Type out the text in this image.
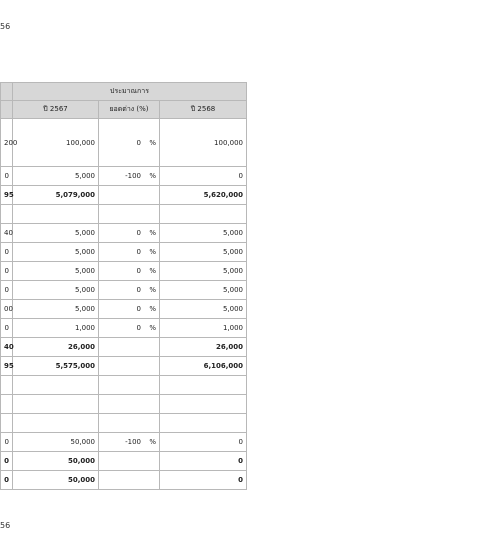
56
	ประมาณการ		
	ปี 2567	ยอดต่าง (%)	ปี 2568
200	100,000	0 %	100,000
0	5,000	-100 %	0
95	5,079,000		5,620,000

40	5,000	0 %	5,000
0	5,000	0 %	5,000
0	5,000	0 %	5,000
0	5,000	0 %	5,000
00	5,000	0 %	5,000
0	1,000	0 %	1,000
40	26,000		26,000
95	5,575,000		6,106,000

0	50,000	-100 %	0
0	50,000		0
0	50,000		0
56
